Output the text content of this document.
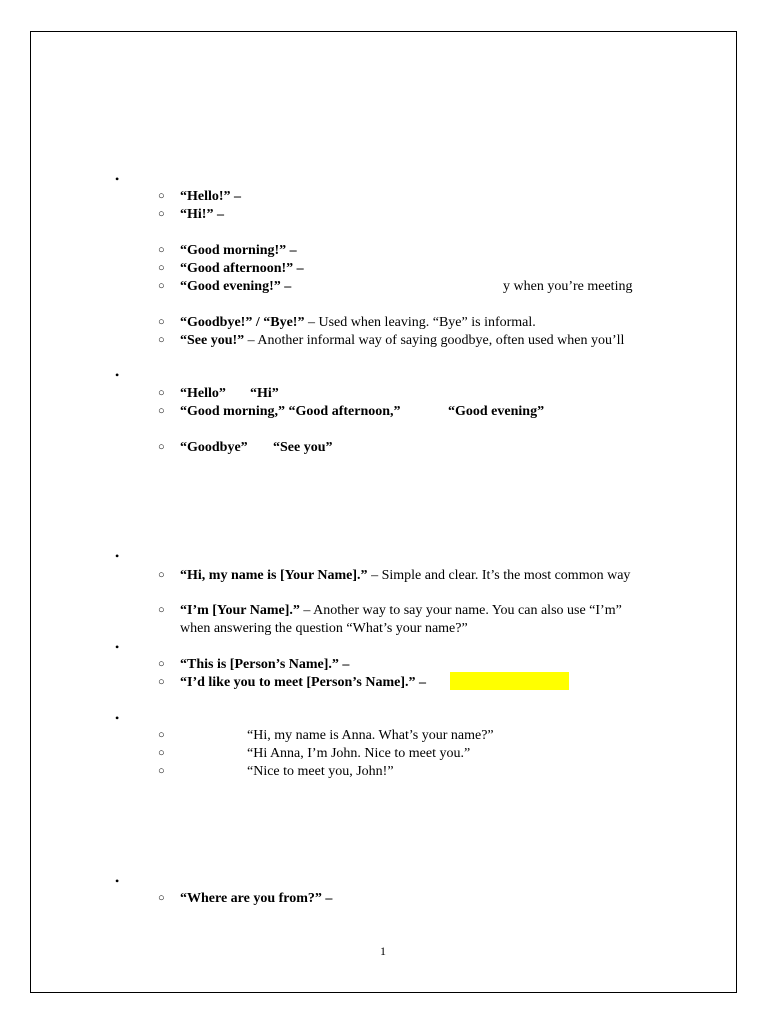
•
○ “Hello!” –
○ “Hi!” –
○ “Good morning!” –
○ “Good afternoon!” –
○ “Good evening!” –	y when you’re meeting
○ “Goodbye!” / “Bye!” – Used when leaving. “Bye” is informal.
○ “See you!” – Another informal way of saying goodbye, often used when you’ll
•
○ “Hello” “Hi”
○ “Good morning,” “Good afternoon,”	“Good evening”
○ “Goodbye” “See you”
•
○ “Hi, my name is [Your Name].” – Simple and clear. It’s the most common way
○ “I’m [Your Name].” – Another way to say your name. You can also use “I’m”
when answering the question “What’s your name?”
•
○ “This is [Person’s Name].” –
○ “I’d like you to meet [Person’s Name].” –
•
○	“Hi, my name is Anna. What’s your name?”
○	“Hi Anna, I’m John. Nice to meet you.”
○	“Nice to meet you, John!”
•
○ “Where are you from?” –
1
